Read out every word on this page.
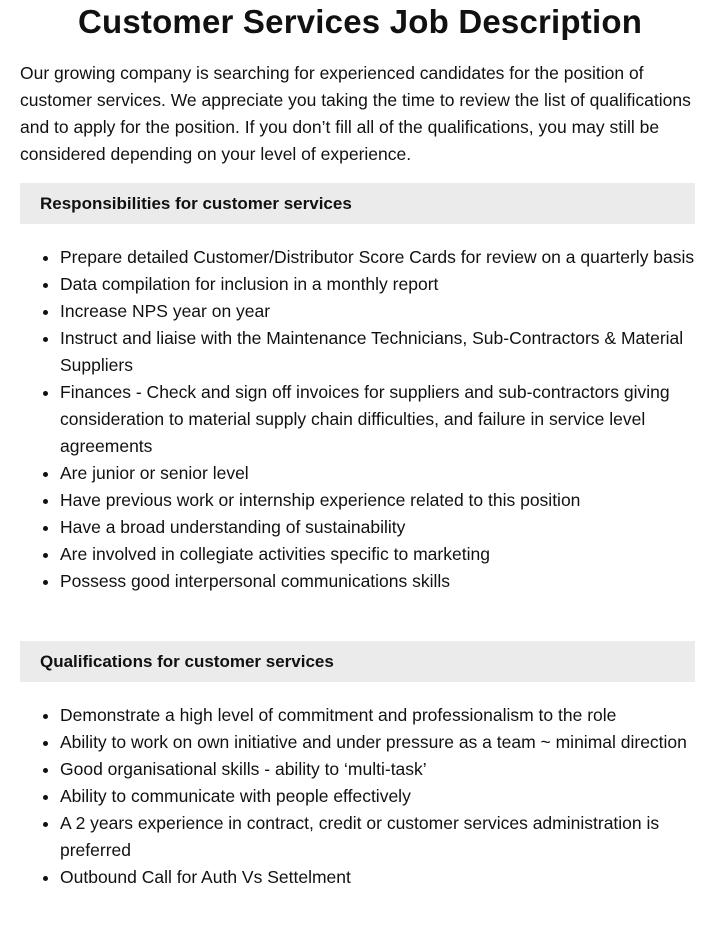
Customer Services Job Description

Our growing company is searching for experienced candidates for the position of customer services. We appreciate you taking the time to review the list of qualifications and to apply for the position. If you don’t fill all of the qualifications, you may still be considered depending on your level of experience.

Responsibilities for customer services
• Prepare detailed Customer/Distributor Score Cards for review on a quarterly basis
• Data compilation for inclusion in a monthly report
• Increase NPS year on year
• Instruct and liaise with the Maintenance Technicians, Sub-Contractors & Material Suppliers
• Finances - Check and sign off invoices for suppliers and sub-contractors giving consideration to material supply chain difficulties, and failure in service level agreements
• Are junior or senior level
• Have previous work or internship experience related to this position
• Have a broad understanding of sustainability
• Are involved in collegiate activities specific to marketing
• Possess good interpersonal communications skills
Qualifications for customer services
• Demonstrate a high level of commitment and professionalism to the role
• Ability to work on own initiative and under pressure as a team ~ minimal direction
• Good organisational skills - ability to ‘multi-task’
• Ability to communicate with people effectively
• A 2 years experience in contract, credit or customer services administration is preferred
• Outbound Call for Auth Vs Settelment
